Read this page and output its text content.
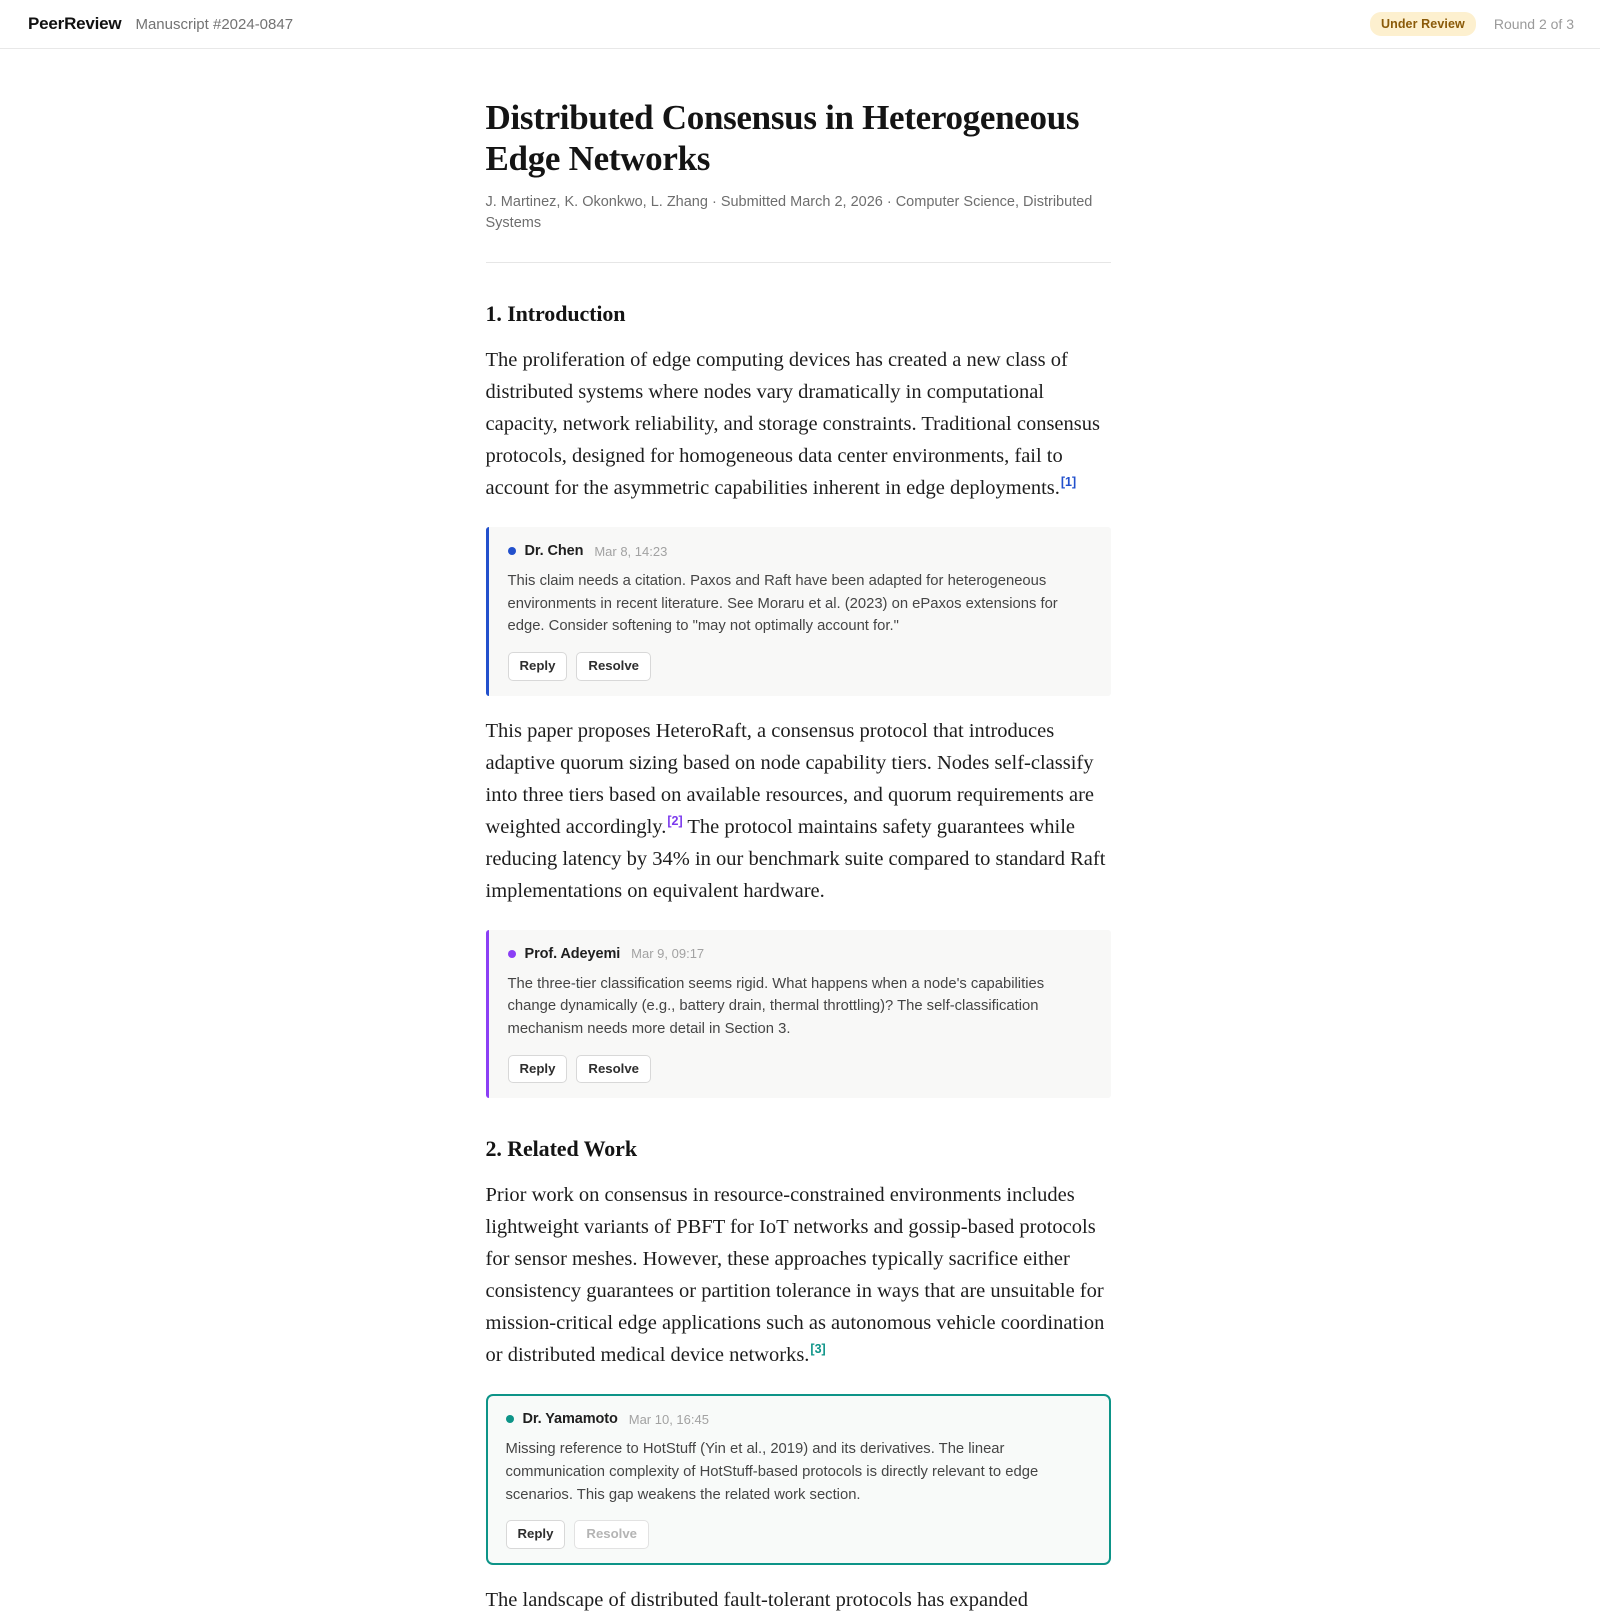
PeerReview Manuscript #2024-0847	Under Review	Round 2 of 3
Distributed Consensus in Heterogeneous Edge Networks
J. Martinez, K. Okonkwo, L. Zhang · Submitted March 2, 2026 · Computer Science, Distributed Systems
1. Introduction

The proliferation of edge computing devices has created a new class of distributed systems where nodes vary dramatically in computational capacity, network reliability, and storage constraints. Traditional consensus protocols, designed for homogeneous data center environments, fail to account for the asymmetric capabilities inherent in edge deployments.[1]

Dr. Chen Mar 8, 14:23
This claim needs a citation. Paxos and Raft have been adapted for heterogeneous environments in recent literature. See Moraru et al. (2023) on ePaxos extensions for edge. Consider softening to "may not optimally account for."
Reply	Resolve

This paper proposes HeteroRaft, a consensus protocol that introduces adaptive quorum sizing based on node capability tiers. Nodes self-classify into three tiers based on available resources, and quorum requirements are weighted accordingly.[2] The protocol maintains safety guarantees while reducing latency by 34% in our benchmark suite compared to standard Raft implementations on equivalent hardware.

Prof. Adeyemi Mar 9, 09:17
The three-tier classification seems rigid. What happens when a node's capabilities change dynamically (e.g., battery drain, thermal throttling)? The self-classification mechanism needs more detail in Section 3.
Reply	Resolve
2. Related Work

Prior work on consensus in resource-constrained environments includes lightweight variants of PBFT for IoT networks and gossip-based protocols for sensor meshes. However, these approaches typically sacrifice either consistency guarantees or partition tolerance in ways that are unsuitable for mission-critical edge applications such as autonomous vehicle coordination or distributed medical device networks.[3]

Dr. Yamamoto Mar 10, 16:45
Missing reference to HotStuff (Yin et al., 2019) and its derivatives. The linear communication complexity of HotStuff-based protocols is directly relevant to edge scenarios. This gap weakens the related work section.
Reply	Resolve

The landscape of distributed fault-tolerant protocols has expanded
